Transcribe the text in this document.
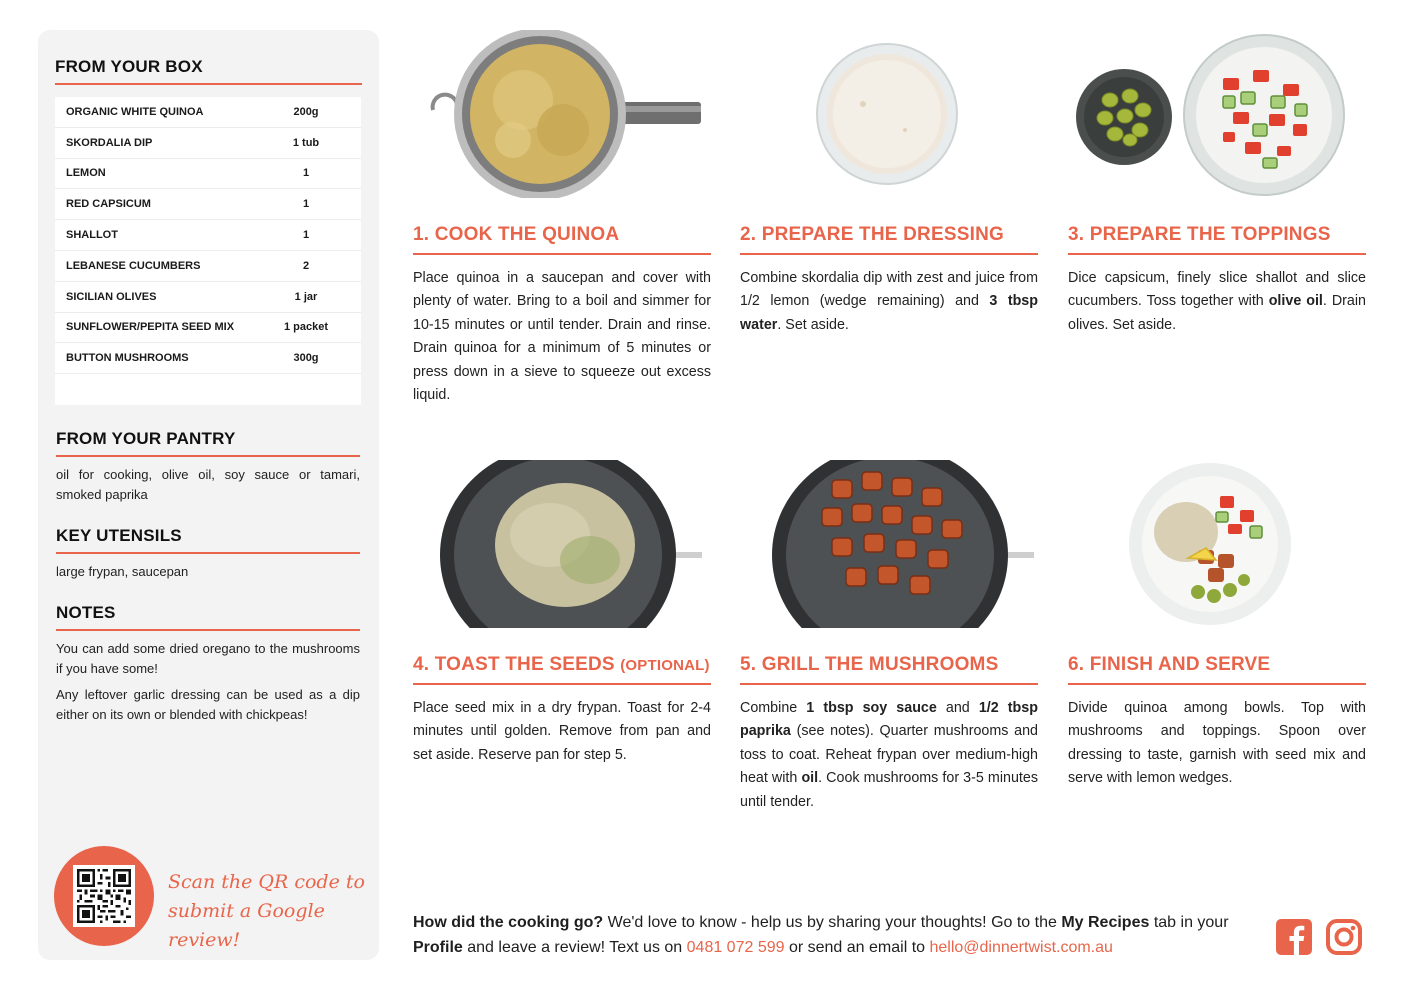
FROM YOUR BOX
ORGANIC WHITE QUINOA	200g
SKORDALIA DIP	1 tub
LEMON	1
RED CAPSICUM	1
SHALLOT	1
LEBANESE CUCUMBERS	2
SICILIAN OLIVES	1 jar
SUNFLOWER/PEPITA SEED MIX	1 packet
BUTTON MUSHROOMS	300g
FROM YOUR PANTRY
oil for cooking, olive oil, soy sauce or tamari, smoked paprika
KEY UTENSILS
large frypan, saucepan
NOTES
You can add some dried oregano to the mushrooms if you have some!
Any leftover garlic dressing can be used as a dip either on its own or blended with chickpeas!
Scan the QR code to
submit a Google review!
1. COOK THE QUINOA
Place quinoa in a saucepan and cover with plenty of water. Bring to a boil and simmer for 10-15 minutes or until tender. Drain and rinse. Drain quinoa for a minimum of 5 minutes or press down in a sieve to squeeze out excess liquid.
2. PREPARE THE DRESSING
Combine skordalia dip with zest and juice from 1/2 lemon (wedge remaining) and 3 tbsp water. Set aside.
3. PREPARE THE TOPPINGS
Dice capsicum, finely slice shallot and slice cucumbers. Toss together with olive oil. Drain olives. Set aside.
4. TOAST THE SEEDS (OPTIONAL)
Place seed mix in a dry frypan. Toast for 2-4 minutes until golden. Remove from pan and set aside. Reserve pan for step 5.
5. GRILL THE MUSHROOMS
Combine 1 tbsp soy sauce and 1/2 tbsp paprika (see notes). Quarter mushrooms and toss to coat. Reheat frypan over medium-high heat with oil. Cook mushrooms for 3-5 minutes until tender.
6. FINISH AND SERVE
Divide quinoa among bowls. Top with mushrooms and toppings. Spoon over dressing to taste, garnish with seed mix and serve with lemon wedges.
How did the cooking go? We'd love to know - help us by sharing your thoughts! Go to the My Recipes tab in your Profile and leave a review! Text us on 0481 072 599 or send an email to hello@dinnertwist.com.au
